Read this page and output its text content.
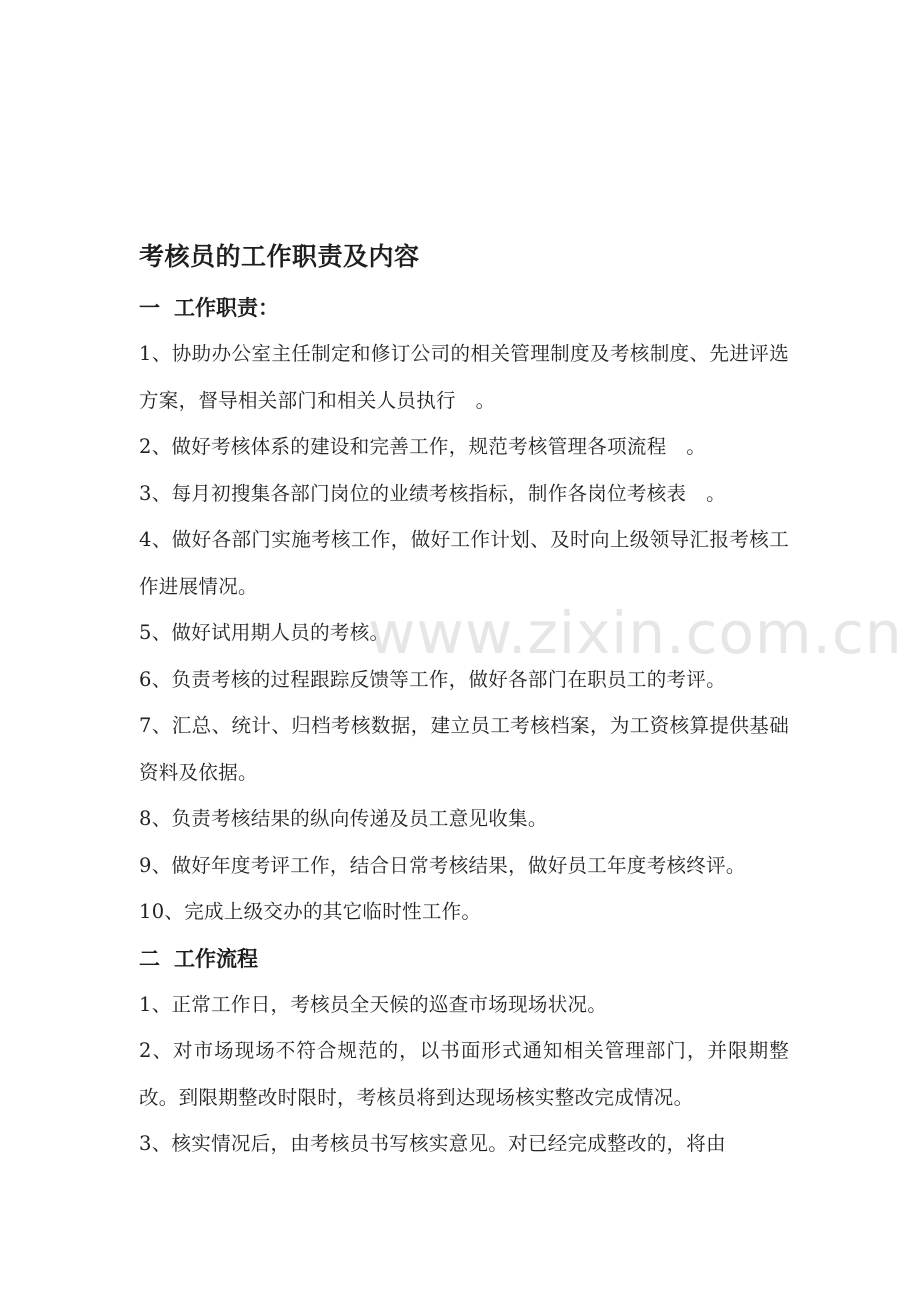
www.zixin.com.cn
考核员的工作职责及内容
一 工作职责：

1、协助办公室主任制定和修订公司的相关管理制度及考核制度、先进评选方案，督导相关部门和相关人员执行　。

2、做好考核体系的建设和完善工作，规范考核管理各项流程　。

3、每月初搜集各部门岗位的业绩考核指标，制作各岗位考核表　。

4、做好各部门实施考核工作，做好工作计划、及时向上级领导汇报考核工作进展情况。

5、做好试用期人员的考核。

6、负责考核的过程跟踪反馈等工作，做好各部门在职员工的考评。

7、汇总、统计、归档考核数据，建立员工考核档案，为工资核算提供基础资料及依据。

8、负责考核结果的纵向传递及员工意见收集。

9、做好年度考评工作，结合日常考核结果，做好员工年度考核终评。

10、完成上级交办的其它临时性工作。

二 工作流程

1、正常工作日，考核员全天候的巡查市场现场状况。

2、对市场现场不符合规范的，以书面形式通知相关管理部门，并限期整改。到限期整改时限时，考核员将到达现场核实整改完成情况。

3、核实情况后，由考核员书写核实意见。对已经完成整改的，将由
